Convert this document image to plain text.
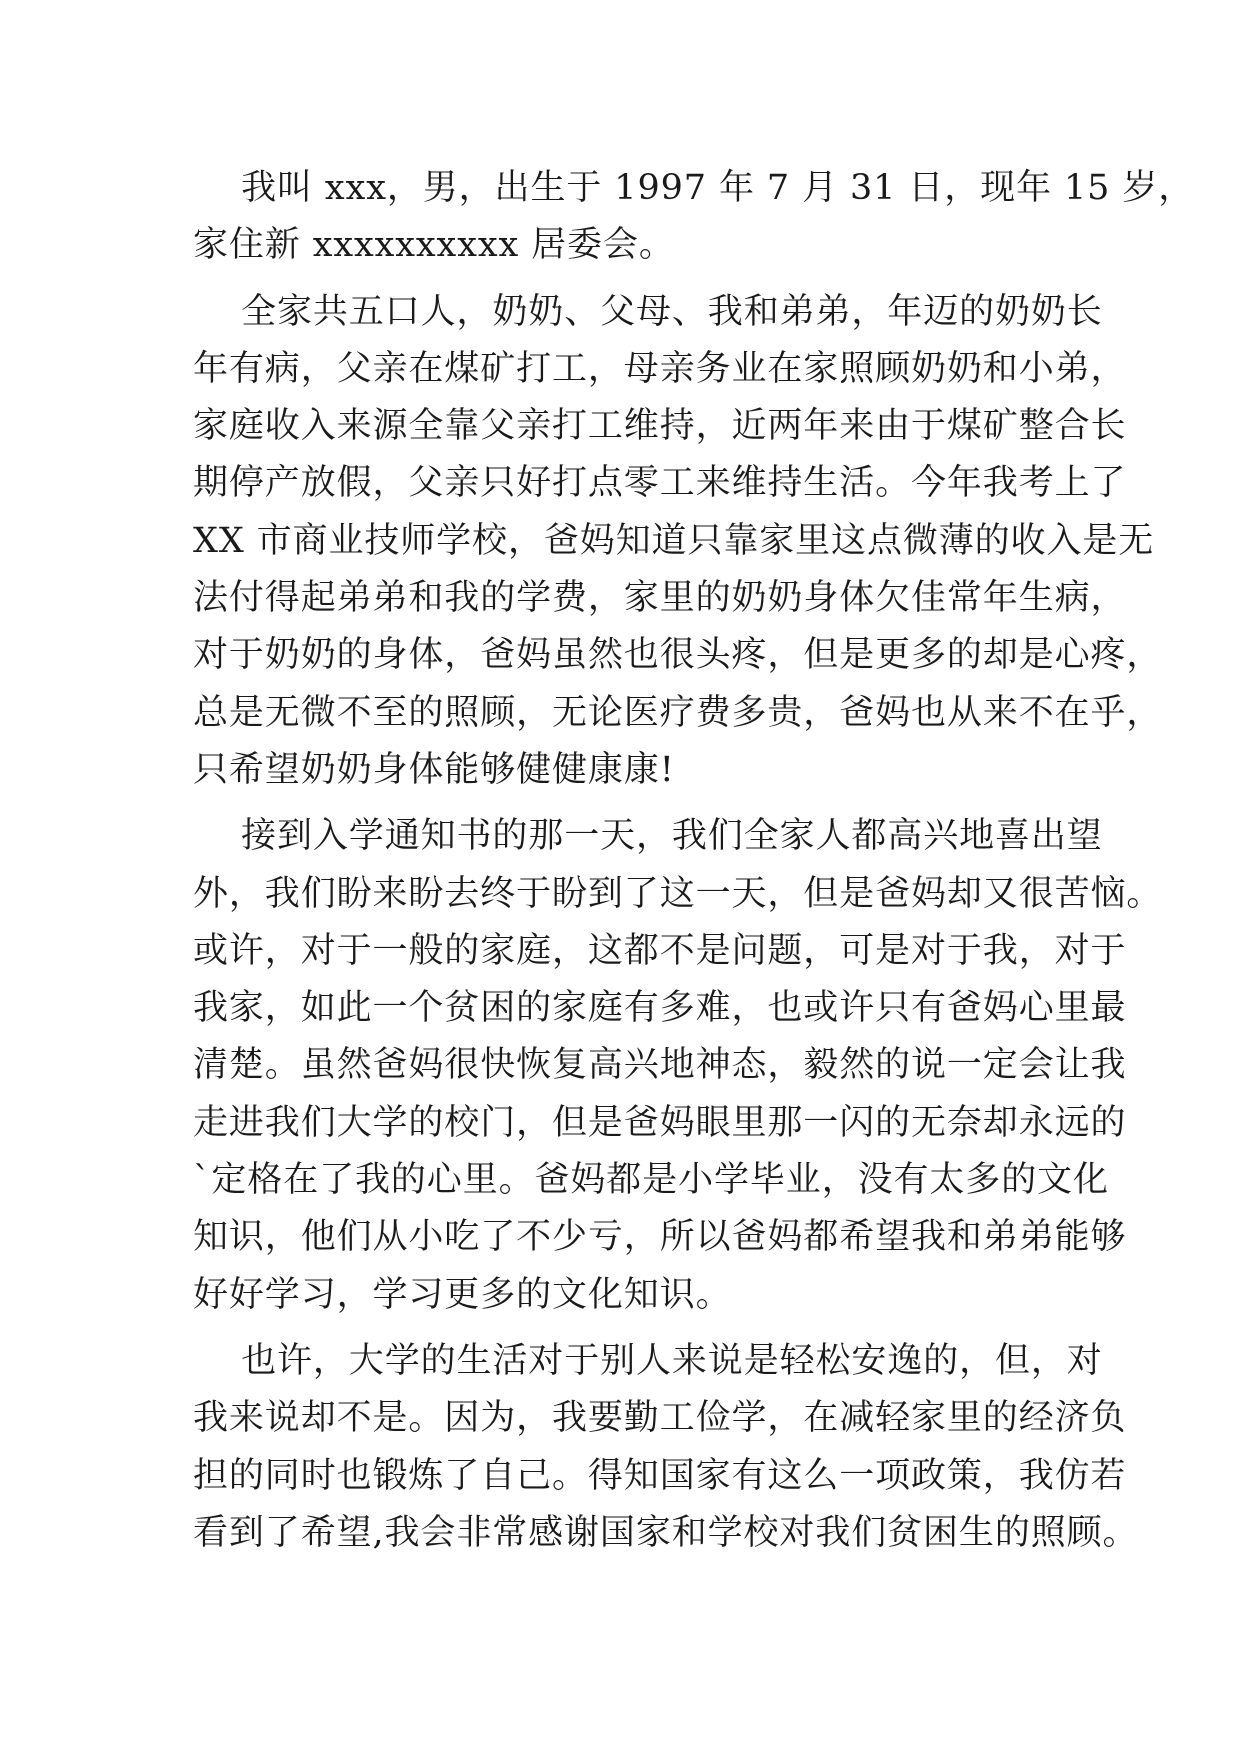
我叫 xxx，男，出生于 1997 年 7 月 31 日，现年 15 岁，
家住新 xxxxxxxxxx 居委会。
全家共五口人，奶奶、父母、我和弟弟，年迈的奶奶长
年有病，父亲在煤矿打工，母亲务业在家照顾奶奶和小弟，
家庭收入来源全靠父亲打工维持，近两年来由于煤矿整合长
期停产放假，父亲只好打点零工来维持生活。今年我考上了
XX 市商业技师学校，爸妈知道只靠家里这点微薄的收入是无
法付得起弟弟和我的学费，家里的奶奶身体欠佳常年生病，
对于奶奶的身体，爸妈虽然也很头疼，但是更多的却是心疼，
总是无微不至的照顾，无论医疗费多贵，爸妈也从来不在乎，
只希望奶奶身体能够健健康康!
接到入学通知书的那一天，我们全家人都高兴地喜出望
外，我们盼来盼去终于盼到了这一天，但是爸妈却又很苦恼。
或许，对于一般的家庭，这都不是问题，可是对于我，对于
我家，如此一个贫困的家庭有多难，也或许只有爸妈心里最
清楚。虽然爸妈很快恢复高兴地神态，毅然的说一定会让我
走进我们大学的校门，但是爸妈眼里那一闪的无奈却永远的
`定格在了我的心里。爸妈都是小学毕业，没有太多的文化
知识，他们从小吃了不少亏，所以爸妈都希望我和弟弟能够
好好学习，学习更多的文化知识。
也许，大学的生活对于别人来说是轻松安逸的，但，对
我来说却不是。因为，我要勤工俭学，在减轻家里的经济负
担的同时也锻炼了自己。得知国家有这么一项政策，我仿若
看到了希望,我会非常感谢国家和学校对我们贫困生的照顾。
